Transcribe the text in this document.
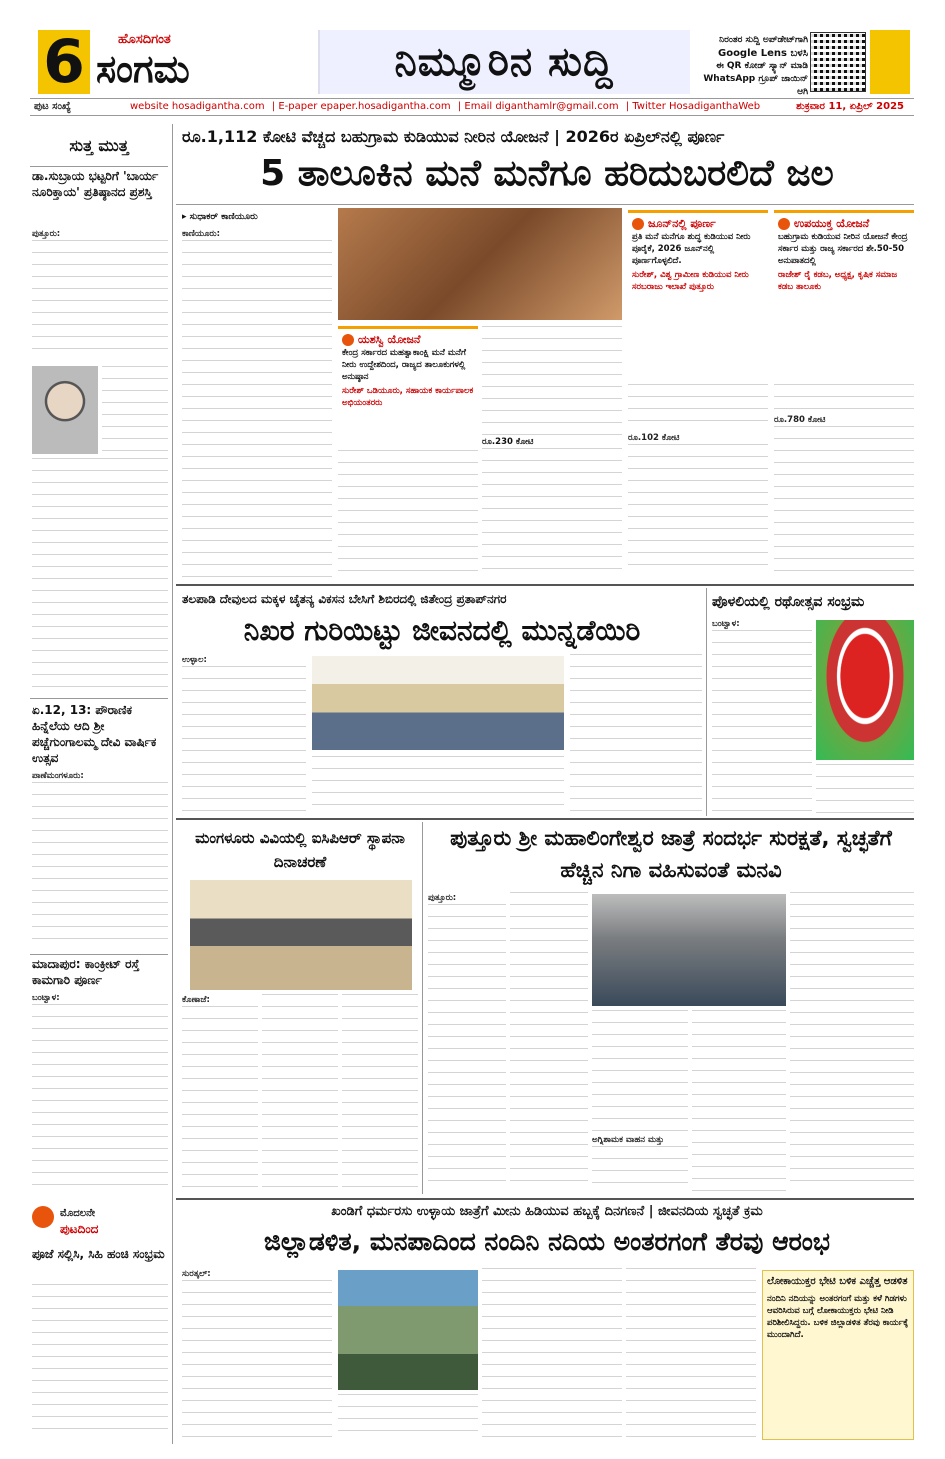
6	ಹೊಸದಿಗಂತ
ಸಂಗಮ	ನಿಮ್ಮೂರಿನ ಸುದ್ದಿ	ನಿರಂತರ ಸುದ್ದಿ ಅಪ್‌ಡೇಟ್‌ಗಾಗಿ
Google Lens ಬಳಸಿ
ಈ QR ಕೋಡ್ ಸ್ಕ್ಯಾನ್ ಮಾಡಿ
WhatsApp ಗ್ರೂಪ್ ಜಾಯಿನ್ ಆಗಿ
ಪುಟ ಸಂಖ್ಯೆ	website hosadigantha.com | E-paper epaper.hosadigantha.com | Email diganthamlr@gmail.com | Twitter HosadiganthaWeb	ಶುಕ್ರವಾರ 11, ಏಪ್ರಿಲ್ 2025
ಸುತ್ತ ಮುತ್ತ
ಡಾ.ಸುಬ್ರಾಯ ಭಟ್ಟರಿಗೆ 'ಬಾರ್ಯ ನೂರಿಕ್ತಾಯ' ಪ್ರತಿಷ್ಠಾನದ ಪ್ರಶಸ್ತಿ
ಪುತ್ತೂರು:
ಏ.12, 13: ಪೌರಾಣಿಕ ಹಿನ್ನೆಲೆಯ ಆದಿ ಶ್ರೀ ಪಚ್ಚೆಗುಂಗಾಲಮ್ಮ ದೇವಿ ವಾರ್ಷಿಕ ಉತ್ಸವ
ಪಾಣೆಮಂಗಳೂರು:
ಮಾದಾಪುರ: ಕಾಂಕ್ರೀಟ್ ರಸ್ತೆ ಕಾಮಗಾರಿ ಪೂರ್ಣ
ಬಂಟ್ವಾಳ:
ಮೊದಲನೇ
ಪುಟದಿಂದ
ಪೂಜೆ ಸಲ್ಲಿಸಿ, ಸಿಹಿ ಹಂಚಿ ಸಂಭ್ರಮ
ರೂ.1,112 ಕೋಟಿ ವೆಚ್ಚದ ಬಹುಗ್ರಾಮ ಕುಡಿಯುವ ನೀರಿನ ಯೋಜನೆ | 2026ರ ಏಪ್ರಿಲ್‌ನಲ್ಲಿ ಪೂರ್ಣ
5 ತಾಲೂಕಿನ ಮನೆ ಮನೆಗೂ ಹರಿದುಬರಲಿದೆ ಜಲ
▸ ಸುಧಾಕರ್ ಕಾಣಿಯೂರು
ಕಾಣಿಯೂರು:
ಯಶಸ್ವಿ ಯೋಜನೆ
ಕೇಂದ್ರ ಸರ್ಕಾರದ ಮಹತ್ವಾಕಾಂಕ್ಷಿ ಮನೆ ಮನೆಗೆ ನೀರು ಉದ್ದೇಶದಿಂದ, ರಾಜ್ಯದ ತಾಲೂಕುಗಳಲ್ಲಿ ಅನುಷ್ಠಾನ
ಸುರೇಶ್ ಒಡಿಯೂರು, ಸಹಾಯಕ ಕಾರ್ಯಪಾಲಕ ಅಭಿಯಂತರರು
ರೂ.230 ಕೋಟಿ
ಜೂನ್‌ನಲ್ಲಿ ಪೂರ್ಣ
ಪ್ರತಿ ಮನೆ ಮನೆಗೂ ಶುದ್ಧ ಕುಡಿಯುವ ನೀರು ಪೂರೈಕೆ, 2026 ಜೂನ್‌ನಲ್ಲಿ ಪೂರ್ಣಗೊಳ್ಳಲಿದೆ.
ಸುರೇಶ್, ವಿಶ್ವ ಗ್ರಾಮೀಣ ಕುಡಿಯುವ ನೀರು ಸರಬರಾಜು ಇಲಾಖೆ ಪುತ್ತೂರು
ರೂ.102 ಕೋಟಿ
ಉಪಯುಕ್ತ ಯೋಜನೆ
ಬಹುಗ್ರಾಮ ಕುಡಿಯುವ ನೀರಿನ ಯೋಜನೆ ಕೇಂದ್ರ ಸರ್ಕಾರ ಮತ್ತು ರಾಜ್ಯ ಸರ್ಕಾರದ ಶೇ.50-50 ಅನುಪಾತದಲ್ಲಿ
ರಾಜೇಶ್ ರೈ ಕಡಬ, ಅಧ್ಯಕ್ಷ, ಕೃಷಿಕ ಸಮಾಜ ಕಡಬ ತಾಲೂಕು
ರೂ.780 ಕೋಟಿ
ತಲಪಾಡಿ ದೇವುಲದ ಮಕ್ಕಳ ಚೈತನ್ಯ ವಿಕಸನ ಬೇಸಿಗೆ ಶಿಬಿರದಲ್ಲಿ ಜಿತೇಂದ್ರ ಪ್ರತಾಪ್‌ನಗರ
ನಿಖರ ಗುರಿಯಿಟ್ಟು ಜೀವನದಲ್ಲಿ ಮುನ್ನಡೆಯಿರಿ
ಉಳ್ಳಾಲ:
ಪೊಳಲಿಯಲ್ಲಿ ರಥೋತ್ಸವ ಸಂಭ್ರಮ
ಬಂಟ್ವಾಳ:
ಮಂಗಳೂರು ವಿವಿಯಲ್ಲಿ ಐಸಿಪಿಆರ್ ಸ್ಥಾಪನಾ ದಿನಾಚರಣೆ
ಕೊಣಾಜೆ:
ಪುತ್ತೂರು ಶ್ರೀ ಮಹಾಲಿಂಗೇಶ್ವರ ಜಾತ್ರೆ ಸಂದರ್ಭ ಸುರಕ್ಷತೆ, ಸ್ವಚ್ಛತೆಗೆ ಹೆಚ್ಚಿನ ನಿಗಾ ವಹಿಸುವಂತೆ ಮನವಿ
ಪುತ್ತೂರು:
ಅಗ್ನಿಶಾಮಕ ವಾಹನ ಮತ್ತು
ಖಂಡಿಗೆ ಧರ್ಮರಸು ಉಳ್ಳಾಯ ಜಾತ್ರೆಗೆ ಮೀನು ಹಿಡಿಯುವ ಹಬ್ಬಕ್ಕೆ ದಿನಗಣನೆ | ಜೀವನದಿಯ ಸ್ವಚ್ಛತೆ ಕ್ರಮ
ಜಿಲ್ಲಾಡಳಿತ, ಮನಪಾದಿಂದ ನಂದಿನಿ ನದಿಯ ಅಂತರಗಂಗೆ ತೆರವು ಆರಂಭ
ಸುರತ್ಕಲ್:
ಲೋಕಾಯುಕ್ತರ ಭೇಟಿ ಬಳಿಕ ಎಚ್ಚೆತ್ತ ಆಡಳಿತ
ನಂದಿನಿ ನದಿಯನ್ನು ಅಂತರಗಂಗೆ ಮತ್ತು ಕಳೆ ಗಿಡಗಳು ಆವರಿಸಿರುವ ಬಗ್ಗೆ ಲೋಕಾಯುಕ್ತರು ಭೇಟಿ ನೀಡಿ ಪರಿಶೀಲಿಸಿದ್ದರು. ಬಳಿಕ ಜಿಲ್ಲಾಡಳಿತ ತೆರವು ಕಾರ್ಯಕ್ಕೆ ಮುಂದಾಗಿದೆ.
